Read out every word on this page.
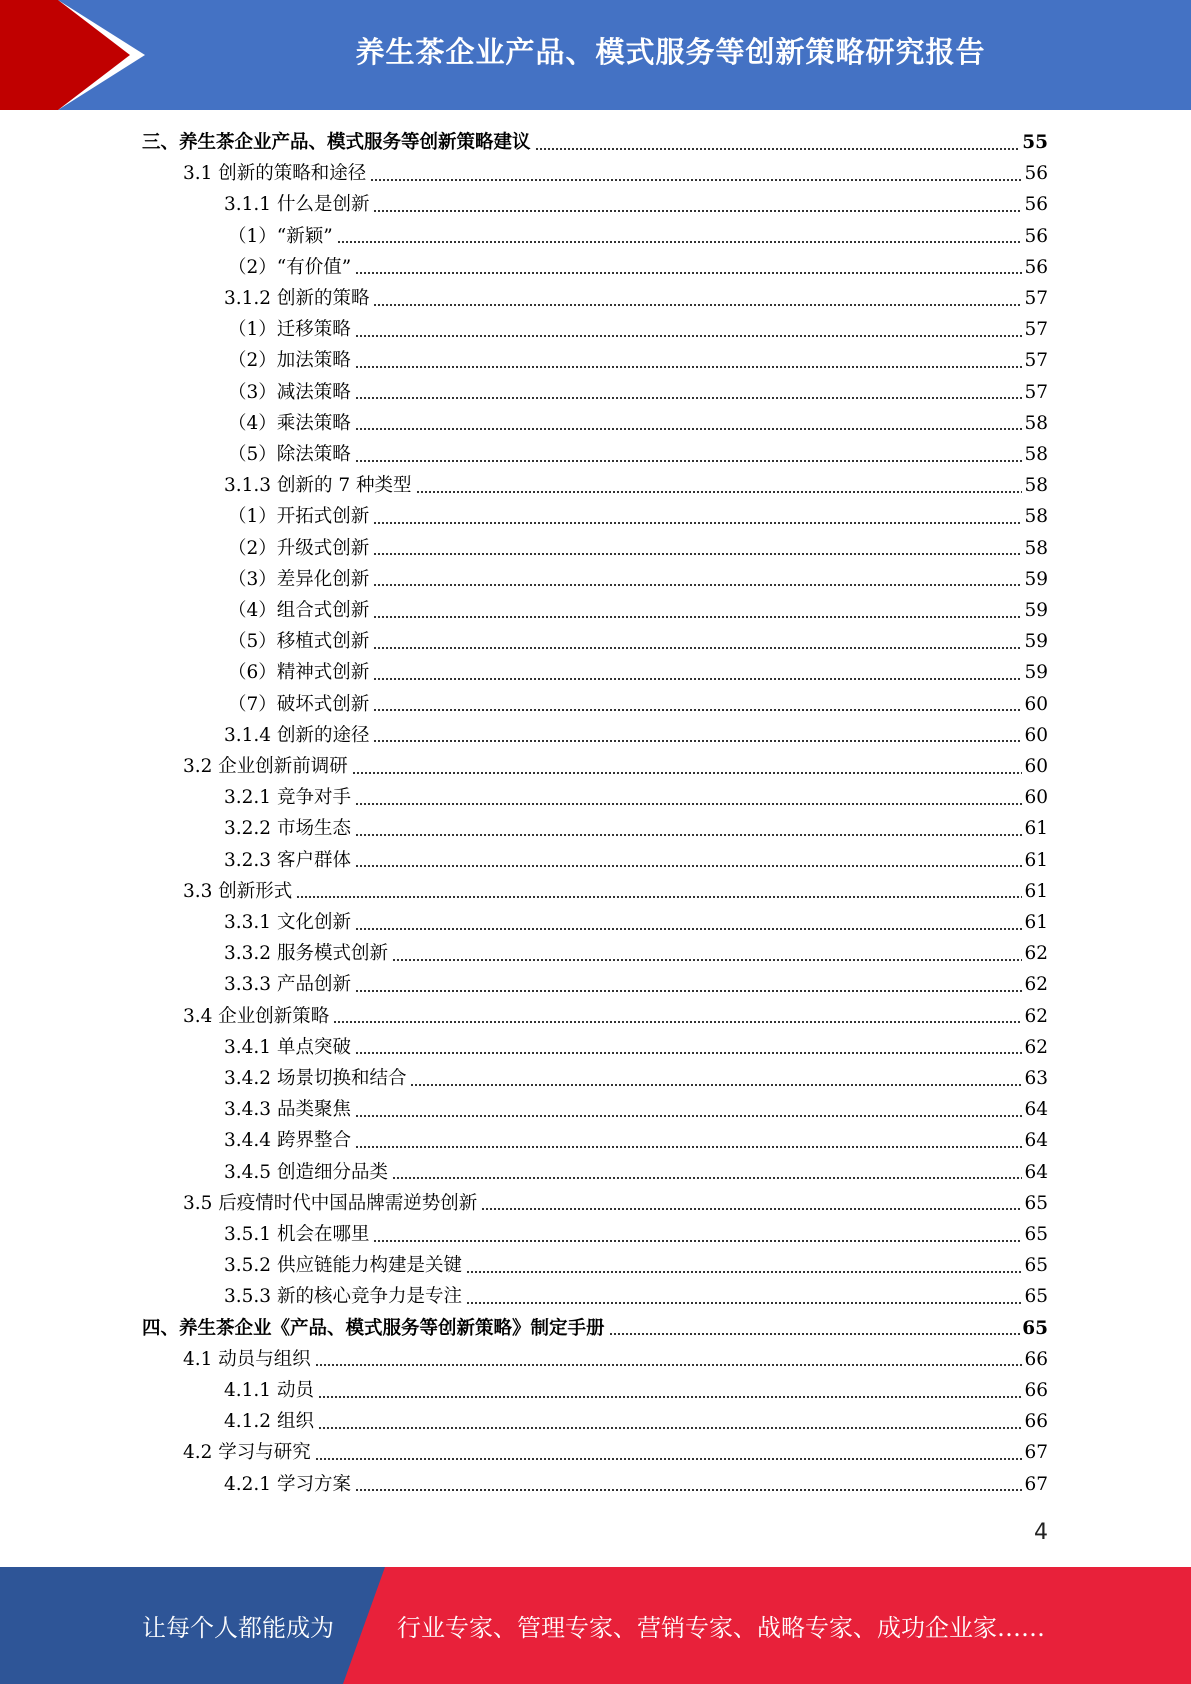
养生茶企业产品、模式服务等创新策略研究报告
三、养生茶企业产品、模式服务等创新策略建议	55
3.1 创新的策略和途径	56
3.1.1 什么是创新	56
（1）“新颖”	56
（2）“有价值”	56
3.1.2 创新的策略	57
（1）迁移策略	57
（2）加法策略	57
（3）减法策略	57
（4）乘法策略	58
（5）除法策略	58
3.1.3 创新的 7 种类型	58
（1）开拓式创新	58
（2）升级式创新	58
（3）差异化创新	59
（4）组合式创新	59
（5）移植式创新	59
（6）精神式创新	59
（7）破坏式创新	60
3.1.4 创新的途径	60
3.2 企业创新前调研	60
3.2.1 竞争对手	60
3.2.2 市场生态	61
3.2.3 客户群体	61
3.3 创新形式	61
3.3.1 文化创新	61
3.3.2 服务模式创新	62
3.3.3 产品创新	62
3.4 企业创新策略	62
3.4.1 单点突破	62
3.4.2 场景切换和结合	63
3.4.3 品类聚焦	64
3.4.4 跨界整合	64
3.4.5 创造细分品类	64
3.5 后疫情时代中国品牌需逆势创新	65
3.5.1 机会在哪里	65
3.5.2 供应链能力构建是关键	65
3.5.3 新的核心竞争力是专注	65
四、养生茶企业《产品、模式服务等创新策略》制定手册	65
4.1 动员与组织	66
4.1.1 动员	66
4.1.2 组织	66
4.2 学习与研究	67
4.2.1 学习方案	67
4
让每个人都能成为	行业专家、管理专家、营销专家、战略专家、成功企业家……
